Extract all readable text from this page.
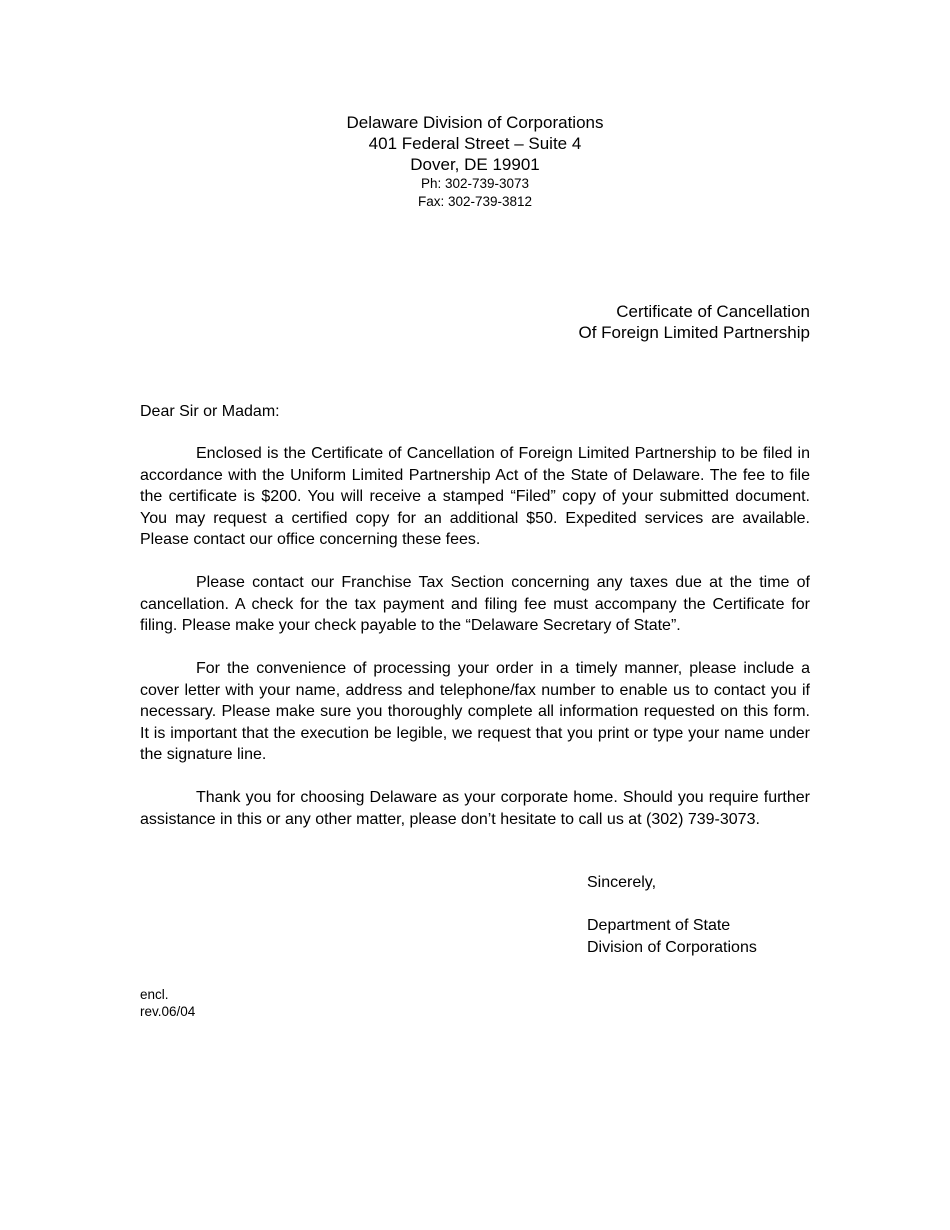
Delaware Division of Corporations
401 Federal Street – Suite 4
Dover, DE 19901
Ph: 302-739-3073
Fax: 302-739-3812
Certificate of Cancellation
Of Foreign Limited Partnership
Dear Sir or Madam:

Enclosed is the Certificate of Cancellation of Foreign Limited Partnership to be filed in accordance with the Uniform Limited Partnership Act of the State of Delaware. The fee to file the certificate is $200. You will receive a stamped “Filed” copy of your submitted document. You may request a certified copy for an additional $50. Expedited services are available. Please contact our office concerning these fees.

Please contact our Franchise Tax Section concerning any taxes due at the time of cancellation. A check for the tax payment and filing fee must accompany the Certificate for filing. Please make your check payable to the “Delaware Secretary of State”.

For the convenience of processing your order in a timely manner, please include a cover letter with your name, address and telephone/fax number to enable us to contact you if necessary. Please make sure you thoroughly complete all information requested on this form. It is important that the execution be legible, we request that you print or type your name under the signature line.

Thank you for choosing Delaware as your corporate home. Should you require further assistance in this or any other matter, please don’t hesitate to call us at (302) 739-3073.

Sincerely,
Department of State
Division of Corporations
encl.
rev.06/04
